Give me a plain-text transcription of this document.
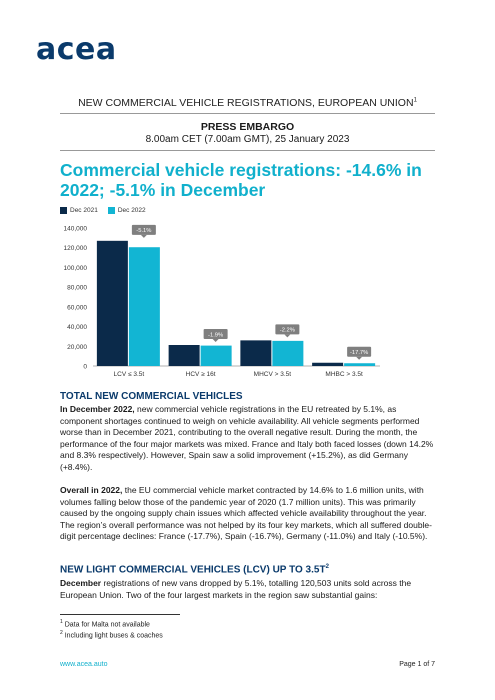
acea
NEW COMMERCIAL VEHICLE REGISTRATIONS, EUROPEAN UNION$^1$
PRESS EMBARGO
8.00am CET (7.00am GMT), 25 January 2023
Commercial vehicle registrations: -14.6% in 2022; -5.1% in December
Dec 2021	Dec 2022
0
20,000
40,000
60,000
80,000
100,000
120,000
140,000	-5.1%
LCV ≤ 3.5t
-1.9%
HCV ≥ 16t
-2.2%
MHCV > 3.5t
-17.7%
MHBC > 3.5t
TOTAL NEW COMMERCIAL VEHICLES
In December 2022, new commercial vehicle registrations in the EU retreated by 5.1%, as component shortages continued to weigh on vehicle availability. All vehicle segments performed worse than in December 2021, contributing to the overall negative result. During the month, the performance of the four major markets was mixed. France and Italy both faced losses (down 14.2% and 8.3% respectively). However, Spain saw a solid improvement (+15.2%), as did Germany (+8.4%).
Overall in 2022, the EU commercial vehicle market contracted by 14.6% to 1.6 million units, with volumes falling below those of the pandemic year of 2020 (1.7 million units). This was primarily caused by the ongoing supply chain issues which affected vehicle availability throughout the year. The region’s overall performance was not helped by its four key markets, which all suffered double-digit percentage declines: France (-17.7%), Spain (-16.7%), Germany (-11.0%) and Italy (-10.5%).
NEW LIGHT COMMERCIAL VEHICLES (LCV) UP TO $3.5T^2$
December registrations of new vans dropped by 5.1%, totalling 120,503 units sold across the European Union. Two of the four largest markets in the region saw substantial gains:
$^1$ Data for Malta not available
$^2$ Including light buses & coaches
www.acea.auto	Page 1 of 7
